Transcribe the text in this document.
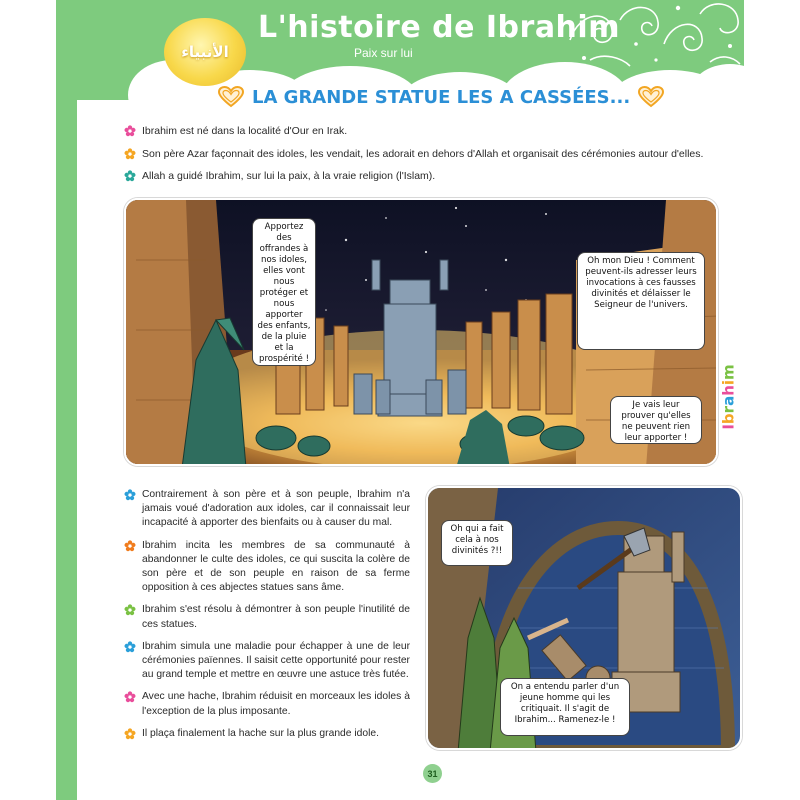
الأنبياء
L'histoire de Ibrahim
Paix sur lui
LA GRANDE STATUE LES A CASSÉES...
Ibrahim est né dans la localité d'Our en Irak.
Son père Azar façonnait des idoles, les vendait, les adorait en dehors d'Allah et organisait des cérémonies autour d'elles.
Allah a guidé Ibrahim, sur lui la paix, à la vraie religion (l'Islam).
Apportez des offrandes à nos idoles, elles vont nous protéger et nous apporter des enfants, de la pluie et la prospérité !
Oh mon Dieu ! Comment peuvent-ils adresser leurs invocations à ces fausses divinités et délaisser le Seigneur de l'univers.
Je vais leur prouver qu'elles ne peuvent rien leur apporter !
Ibrahim
Contrairement à son père et à son peuple, Ibrahim n'a jamais voué d'adoration aux idoles, car il connaissait leur incapacité à apporter des bienfaits ou à causer du mal.
Ibrahim incita les membres de sa communauté à abandonner le culte des idoles, ce qui suscita la colère de son père et de son peuple en raison de sa ferme opposition à ces abjectes statues sans âme.
Ibrahim s'est résolu à démontrer à son peuple l'inutilité de ces statues.
Ibrahim simula une maladie pour échapper à une de leur cérémonies païennes. Il saisit cette opportunité pour rester au grand temple et mettre en œuvre une astuce très futée.
Avec une hache, Ibrahim réduisit en morceaux les idoles à l'exception de la plus imposante.
Il plaça finalement la hache sur la plus grande idole.
Oh qui a fait cela à nos divinités ?!!
On a entendu parler d'un jeune homme qui les critiquait. Il s'agit de Ibrahim... Ramenez-le !
31
